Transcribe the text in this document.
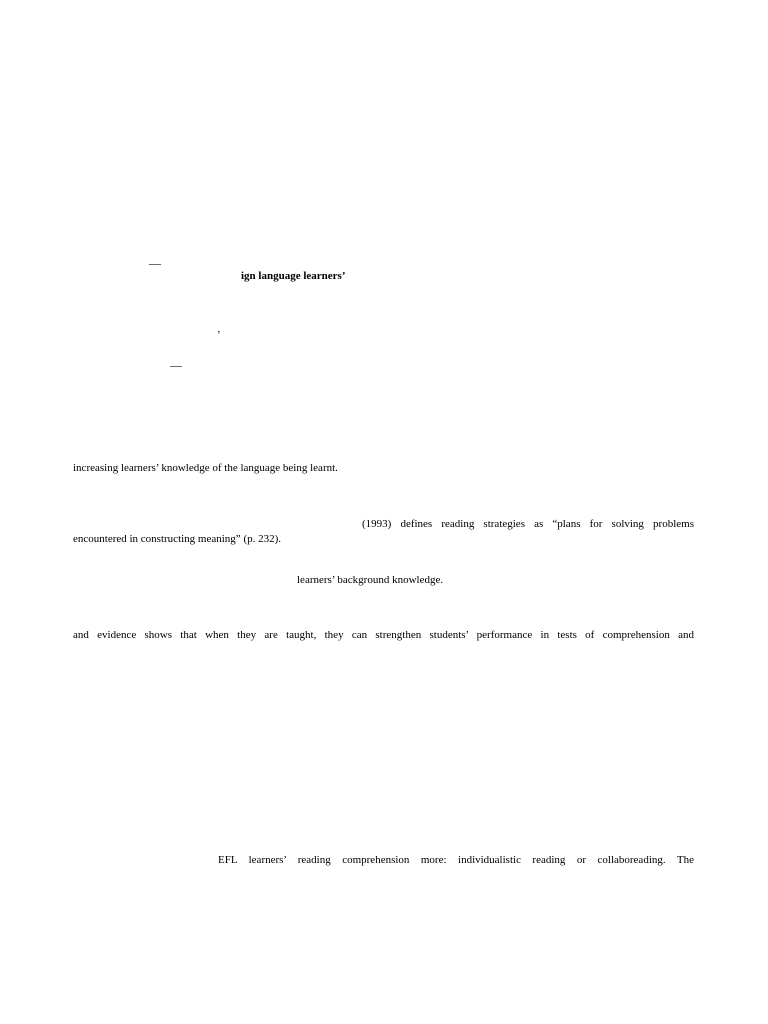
—
ign language learners’
’
—
increasing learners’ knowledge of the language being learnt.
(1993) defines reading strategies as “plans for solving problems
encountered in constructing meaning” (p. 232).
learners’ background knowledge.
and evidence shows that when they are taught, they can strengthen students’ performance in tests of comprehension and
EFL learners’ reading comprehension more: individualistic reading or collaboreading. The
